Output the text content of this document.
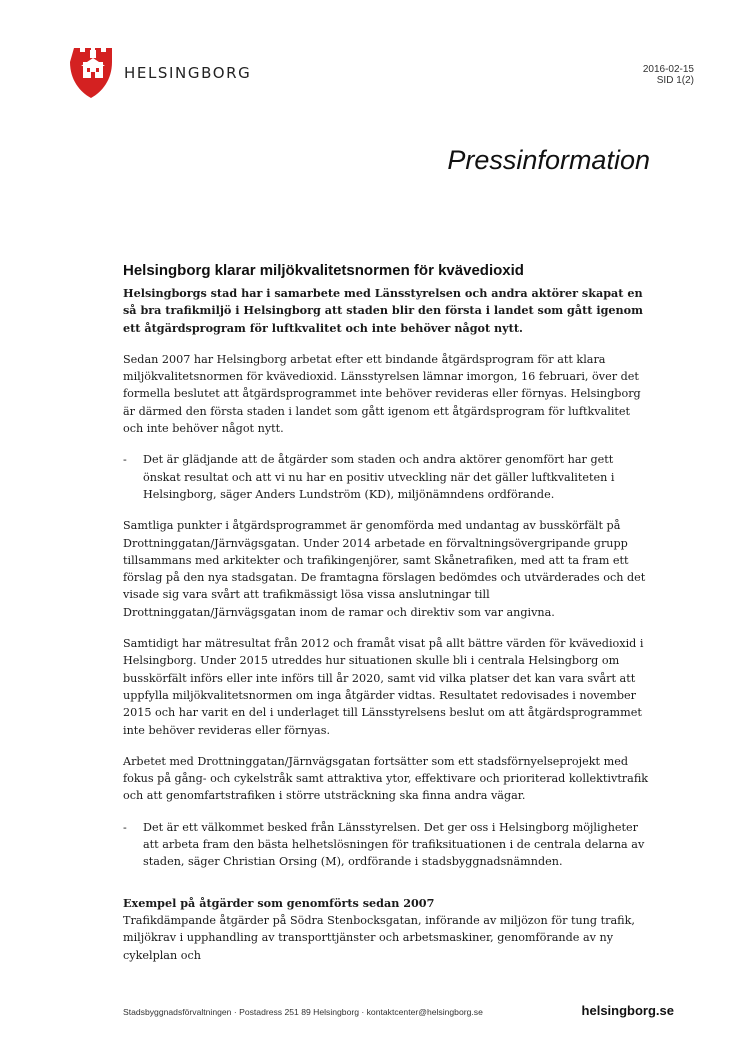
HELSINGBORG	2016-02-15
SID 1(2)
Pressinformation
Helsingborg klarar miljökvalitetsnormen för kvävedioxid

Helsingborgs stad har i samarbete med Länsstyrelsen och andra aktörer skapat en så bra trafikmiljö i Helsingborg att staden blir den första i landet som gått igenom ett åtgärdsprogram för luftkvalitet och inte behöver något nytt.

Sedan 2007 har Helsingborg arbetat efter ett bindande åtgärdsprogram för att klara miljökvalitetsnormen för kvävedioxid. Länsstyrelsen lämnar imorgon, 16 februari, över det formella beslutet att åtgärdsprogrammet inte behöver revideras eller förnyas. Helsingborg är därmed den första staden i landet som gått igenom ett åtgärdsprogram för luftkvalitet och inte behöver något nytt.

- Det är glädjande att de åtgärder som staden och andra aktörer genomfört har gett önskat resultat och att vi nu har en positiv utveckling när det gäller luftkvaliteten i Helsingborg, säger Anders Lundström (KD), miljönämndens ordförande.

Samtliga punkter i åtgärdsprogrammet är genomförda med undantag av busskörfält på Drottninggatan/Järnvägsgatan. Under 2014 arbetade en förvaltningsövergripande grupp tillsammans med arkitekter och trafikingenjörer, samt Skånetrafiken, med att ta fram ett förslag på den nya stadsgatan. De framtagna förslagen bedömdes och utvärderades och det visade sig vara svårt att trafikmässigt lösa vissa anslutningar till Drottninggatan/Järnvägsgatan inom de ramar och direktiv som var angivna.

Samtidigt har mätresultat från 2012 och framåt visat på allt bättre värden för kvävedioxid i Helsingborg. Under 2015 utreddes hur situationen skulle bli i centrala Helsingborg om busskörfält införs eller inte införs till år 2020, samt vid vilka platser det kan vara svårt att uppfylla miljökvalitetsnormen om inga åtgärder vidtas. Resultatet redovisades i november 2015 och har varit en del i underlaget till Länsstyrelsens beslut om att åtgärdsprogrammet inte behöver revideras eller förnyas.

Arbetet med Drottninggatan/Järnvägsgatan fortsätter som ett stadsförnyelseprojekt med fokus på gång- och cykelstråk samt attraktiva ytor, effektivare och prioriterad kollektivtrafik och att genomfartstrafiken i större utsträckning ska finna andra vägar.

- Det är ett välkommet besked från Länsstyrelsen. Det ger oss i Helsingborg möjligheter att arbeta fram den bästa helhetslösningen för trafiksituationen i de centrala delarna av staden, säger Christian Orsing (M), ordförande i stadsbyggnadsnämnden.

Exempel på åtgärder som genomförts sedan 2007

Trafikdämpande åtgärder på Södra Stenbocksgatan, införande av miljözon för tung trafik, miljökrav i upphandling av transporttjänster och arbetsmaskiner, genomförande av ny cykelplan och

Stadsbyggnadsförvaltningen · Postadress 251 89 Helsingborg · kontaktcenter@helsingborg.se	helsingborg.se
